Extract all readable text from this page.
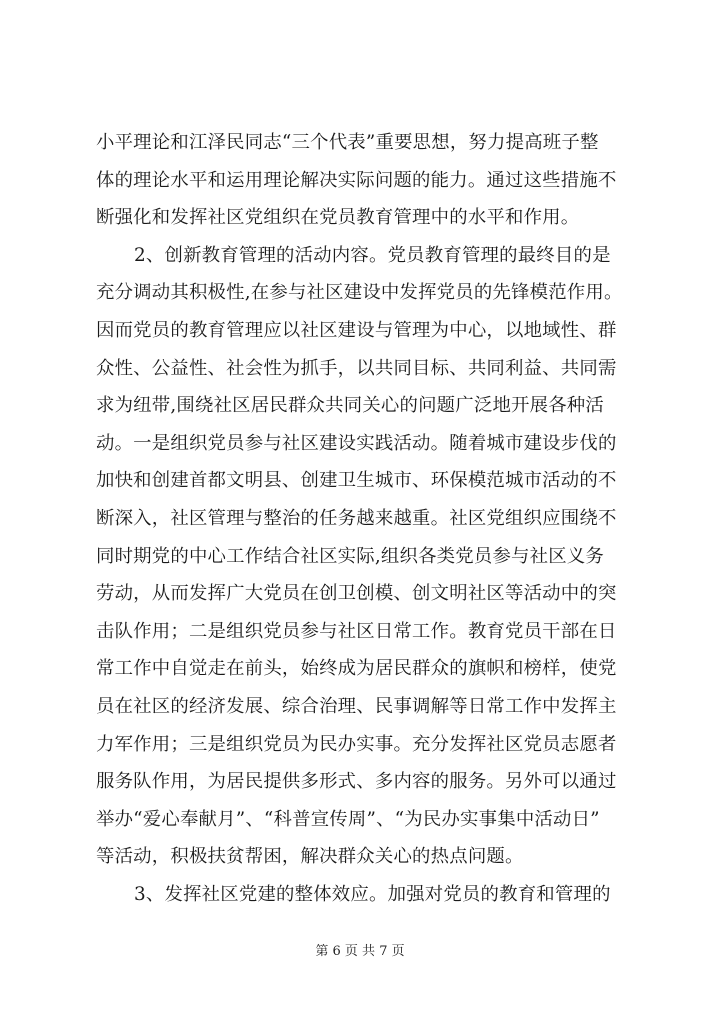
小平理论和江泽民同志“三个代表”重要思想，努力提高班子整
体的理论水平和运用理论解决实际问题的能力。通过这些措施不
断强化和发挥社区党组织在党员教育管理中的水平和作用。
2、创新教育管理的活动内容。党员教育管理的最终目的是
充分调动其积极性,在参与社区建设中发挥党员的先锋模范作用。
因而党员的教育管理应以社区建设与管理为中心，以地域性、群
众性、公益性、社会性为抓手，以共同目标、共同利益、共同需
求为纽带,围绕社区居民群众共同关心的问题广泛地开展各种活
动。一是组织党员参与社区建设实践活动。随着城市建设步伐的
加快和创建首都文明县、创建卫生城市、环保模范城市活动的不
断深入，社区管理与整治的任务越来越重。社区党组织应围绕不
同时期党的中心工作结合社区实际,组织各类党员参与社区义务
劳动，从而发挥广大党员在创卫创模、创文明社区等活动中的突
击队作用；二是组织党员参与社区日常工作。教育党员干部在日
常工作中自觉走在前头，始终成为居民群众的旗帜和榜样，使党
员在社区的经济发展、综合治理、民事调解等日常工作中发挥主
力军作用；三是组织党员为民办实事。充分发挥社区党员志愿者
服务队作用，为居民提供多形式、多内容的服务。另外可以通过
举办“爱心奉献月”、“科普宣传周”、“为民办实事集中活动日”
等活动，积极扶贫帮困，解决群众关心的热点问题。
3、发挥社区党建的整体效应。加强对党员的教育和管理的
第 6 页 共 7 页
